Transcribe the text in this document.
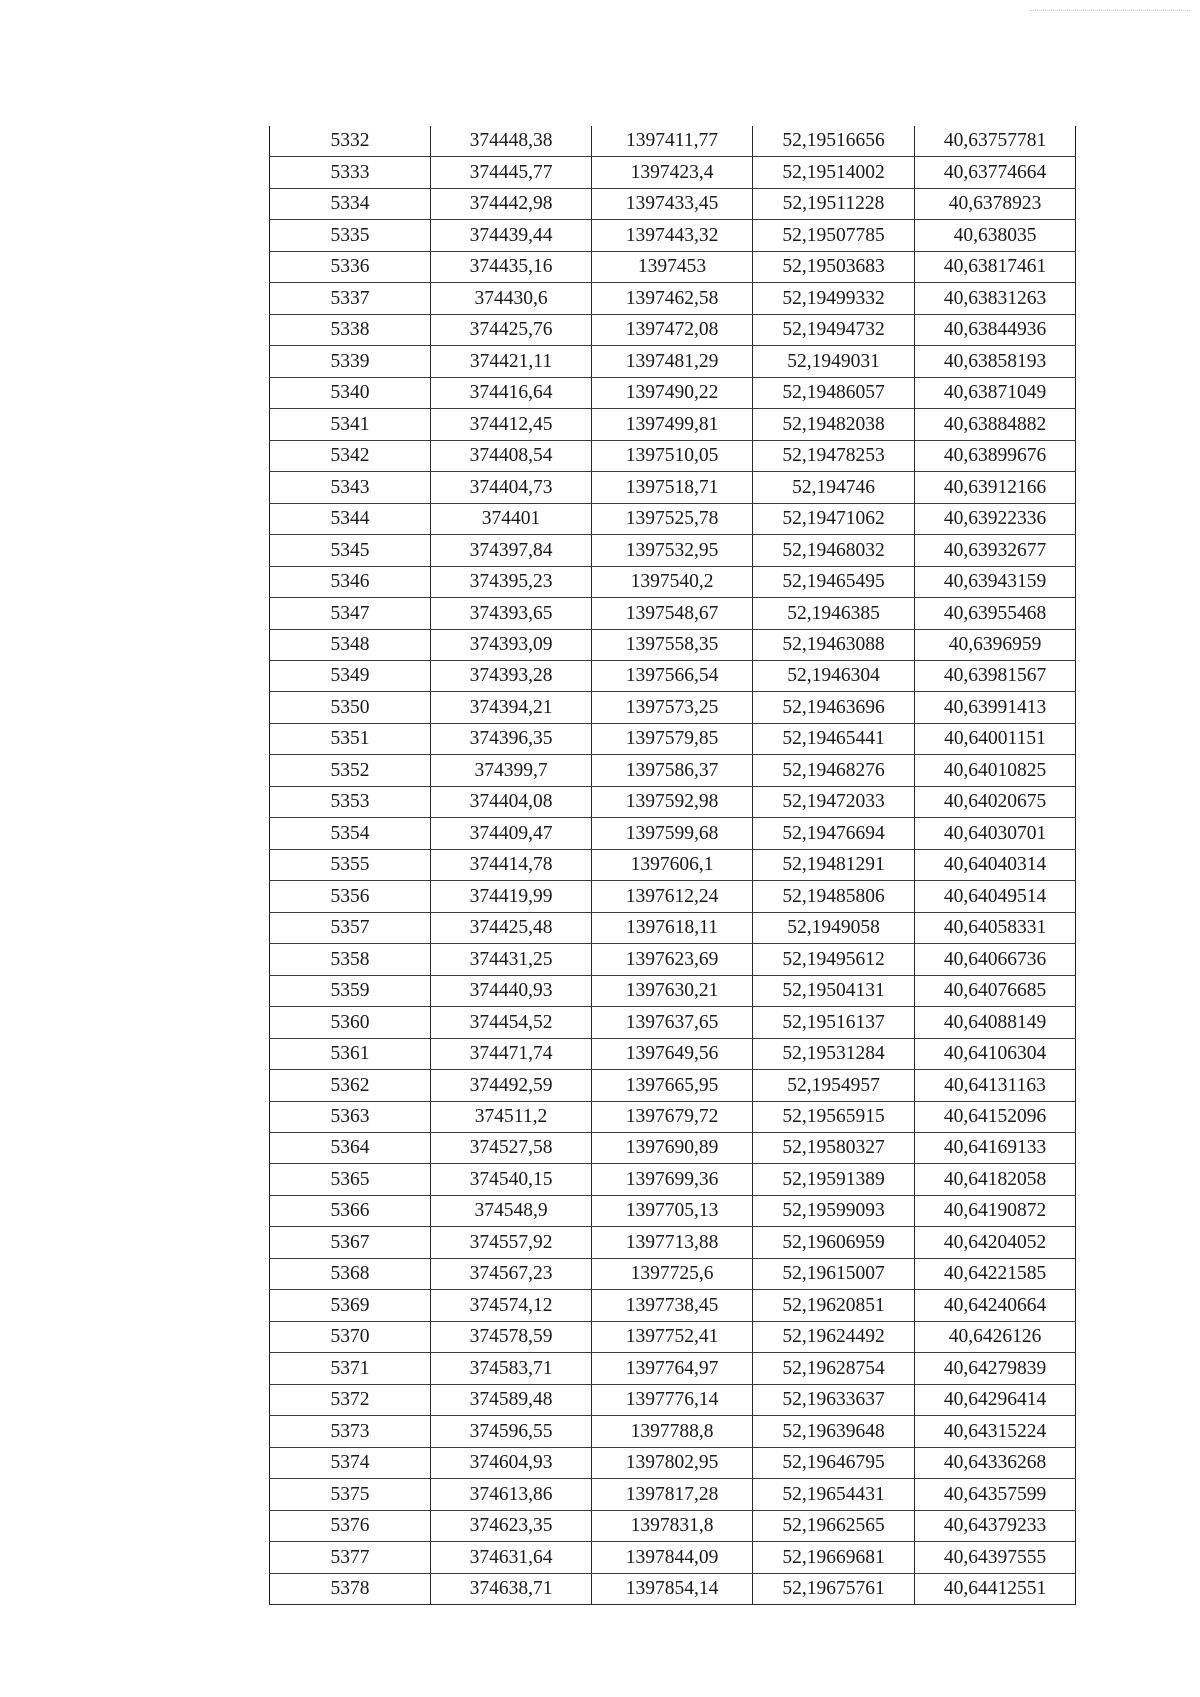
5332	374448,38	1397411,77	52,19516656	40,63757781
5333	374445,77	1397423,4	52,19514002	40,63774664
5334	374442,98	1397433,45	52,19511228	40,6378923
5335	374439,44	1397443,32	52,19507785	40,638035
5336	374435,16	1397453	52,19503683	40,63817461
5337	374430,6	1397462,58	52,19499332	40,63831263
5338	374425,76	1397472,08	52,19494732	40,63844936
5339	374421,11	1397481,29	52,1949031	40,63858193
5340	374416,64	1397490,22	52,19486057	40,63871049
5341	374412,45	1397499,81	52,19482038	40,63884882
5342	374408,54	1397510,05	52,19478253	40,63899676
5343	374404,73	1397518,71	52,194746	40,63912166
5344	374401	1397525,78	52,19471062	40,63922336
5345	374397,84	1397532,95	52,19468032	40,63932677
5346	374395,23	1397540,2	52,19465495	40,63943159
5347	374393,65	1397548,67	52,1946385	40,63955468
5348	374393,09	1397558,35	52,19463088	40,6396959
5349	374393,28	1397566,54	52,1946304	40,63981567
5350	374394,21	1397573,25	52,19463696	40,63991413
5351	374396,35	1397579,85	52,19465441	40,64001151
5352	374399,7	1397586,37	52,19468276	40,64010825
5353	374404,08	1397592,98	52,19472033	40,64020675
5354	374409,47	1397599,68	52,19476694	40,64030701
5355	374414,78	1397606,1	52,19481291	40,64040314
5356	374419,99	1397612,24	52,19485806	40,64049514
5357	374425,48	1397618,11	52,1949058	40,64058331
5358	374431,25	1397623,69	52,19495612	40,64066736
5359	374440,93	1397630,21	52,19504131	40,64076685
5360	374454,52	1397637,65	52,19516137	40,64088149
5361	374471,74	1397649,56	52,19531284	40,64106304
5362	374492,59	1397665,95	52,1954957	40,64131163
5363	374511,2	1397679,72	52,19565915	40,64152096
5364	374527,58	1397690,89	52,19580327	40,64169133
5365	374540,15	1397699,36	52,19591389	40,64182058
5366	374548,9	1397705,13	52,19599093	40,64190872
5367	374557,92	1397713,88	52,19606959	40,64204052
5368	374567,23	1397725,6	52,19615007	40,64221585
5369	374574,12	1397738,45	52,19620851	40,64240664
5370	374578,59	1397752,41	52,19624492	40,6426126
5371	374583,71	1397764,97	52,19628754	40,64279839
5372	374589,48	1397776,14	52,19633637	40,64296414
5373	374596,55	1397788,8	52,19639648	40,64315224
5374	374604,93	1397802,95	52,19646795	40,64336268
5375	374613,86	1397817,28	52,19654431	40,64357599
5376	374623,35	1397831,8	52,19662565	40,64379233
5377	374631,64	1397844,09	52,19669681	40,64397555
5378	374638,71	1397854,14	52,19675761	40,64412551
